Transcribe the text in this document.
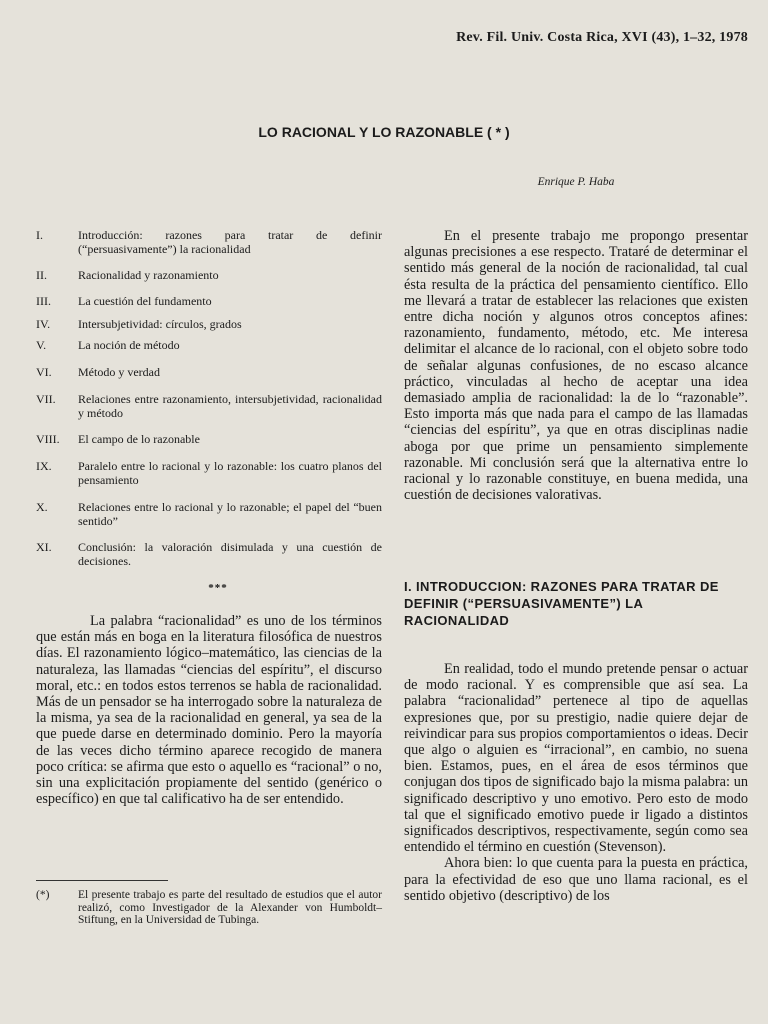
Rev. Fil. Univ. Costa Rica, XVI (43), 1–32, 1978
LO RACIONAL Y LO RAZONABLE ( * )
Enrique P. Haba
I.	Introducción: razones para tratar de definir (“persuasivamente”) la racionalidad
II.	Racionalidad y razonamiento
III.	La cuestión del fundamento
IV.	Intersubjetividad: círculos, grados
V.	La noción de método
VI.	Método y verdad
VII.	Relaciones entre razonamiento, intersubjetividad, racionalidad y método
VIII.	El campo de lo razonable
IX.	Paralelo entre lo racional y lo razonable: los cuatro planos del pensamiento
X.	Relaciones entre lo racional y lo razonable; el papel del “buen sentido”
XI.	Conclusión: la valoración disimulada y una cuestión de decisiones.
***

La palabra “racionalidad” es uno de los términos que están más en boga en la literatura filosófica de nuestros días. El razonamiento lógico–matemático, las ciencias de la naturaleza, las llamadas “ciencias del espíritu”, el discurso moral, etc.: en todos estos terrenos se habla de racionalidad. Más de un pensador se ha interrogado sobre la naturaleza de la misma, ya sea de la racionalidad en general, ya sea de la que puede darse en determinado dominio. Pero la mayoría de las veces dicho término aparece recogido de manera poco crítica: se afirma que esto o aquello es “racional” o no, sin una explicitación propiamente del sentido (genérico o específico) en que tal calificativo ha de ser entendido.

(*) El presente trabajo es parte del resultado de estudios que el autor realizó, como Investigador de la Alexander von Humboldt–Stiftung, en la Universidad de Tubinga.

En el presente trabajo me propongo presentar algunas precisiones a ese respecto. Trataré de determinar el sentido más general de la noción de racionalidad, tal cual ésta resulta de la práctica del pensamiento científico. Ello me llevará a tratar de establecer las relaciones que existen entre dicha noción y algunos otros conceptos afines: razonamiento, fundamento, método, etc. Me interesa delimitar el alcance de lo racional, con el objeto sobre todo de señalar algunas confusiones, de no escaso alcance práctico, vinculadas al hecho de aceptar una idea demasiado amplia de racionalidad: la de lo “razonable”. Esto importa más que nada para el campo de las llamadas “ciencias del espíritu”, ya que en otras disciplinas nadie aboga por que prime un pensamiento simplemente razonable. Mi conclusión será que la alternativa entre lo racional y lo razonable constituye, en buena medida, una cuestión de decisiones valorativas.

I. INTRODUCCION: RAZONES PARA TRATAR DE DEFINIR (“PERSUASIVAMENTE”) LA RACIONALIDAD

En realidad, todo el mundo pretende pensar o actuar de modo racional. Y es comprensible que así sea. La palabra “racionalidad” pertenece al tipo de aquellas expresiones que, por su prestigio, nadie quiere dejar de reivindicar para sus propios comportamientos o ideas. Decir que algo o alguien es “irracional”, en cambio, no suena bien. Estamos, pues, en el área de esos términos que conjugan dos tipos de significado bajo la misma palabra: un significado descriptivo y uno emotivo. Pero esto de modo tal que el significado emotivo puede ir ligado a distintos significados descriptivos, respectivamente, según como sea entendido el término en cuestión (Stevenson).

Ahora bien: lo que cuenta para la puesta en práctica, para la efectividad de eso que uno llama racional, es el sentido objetivo (descriptivo) de los
